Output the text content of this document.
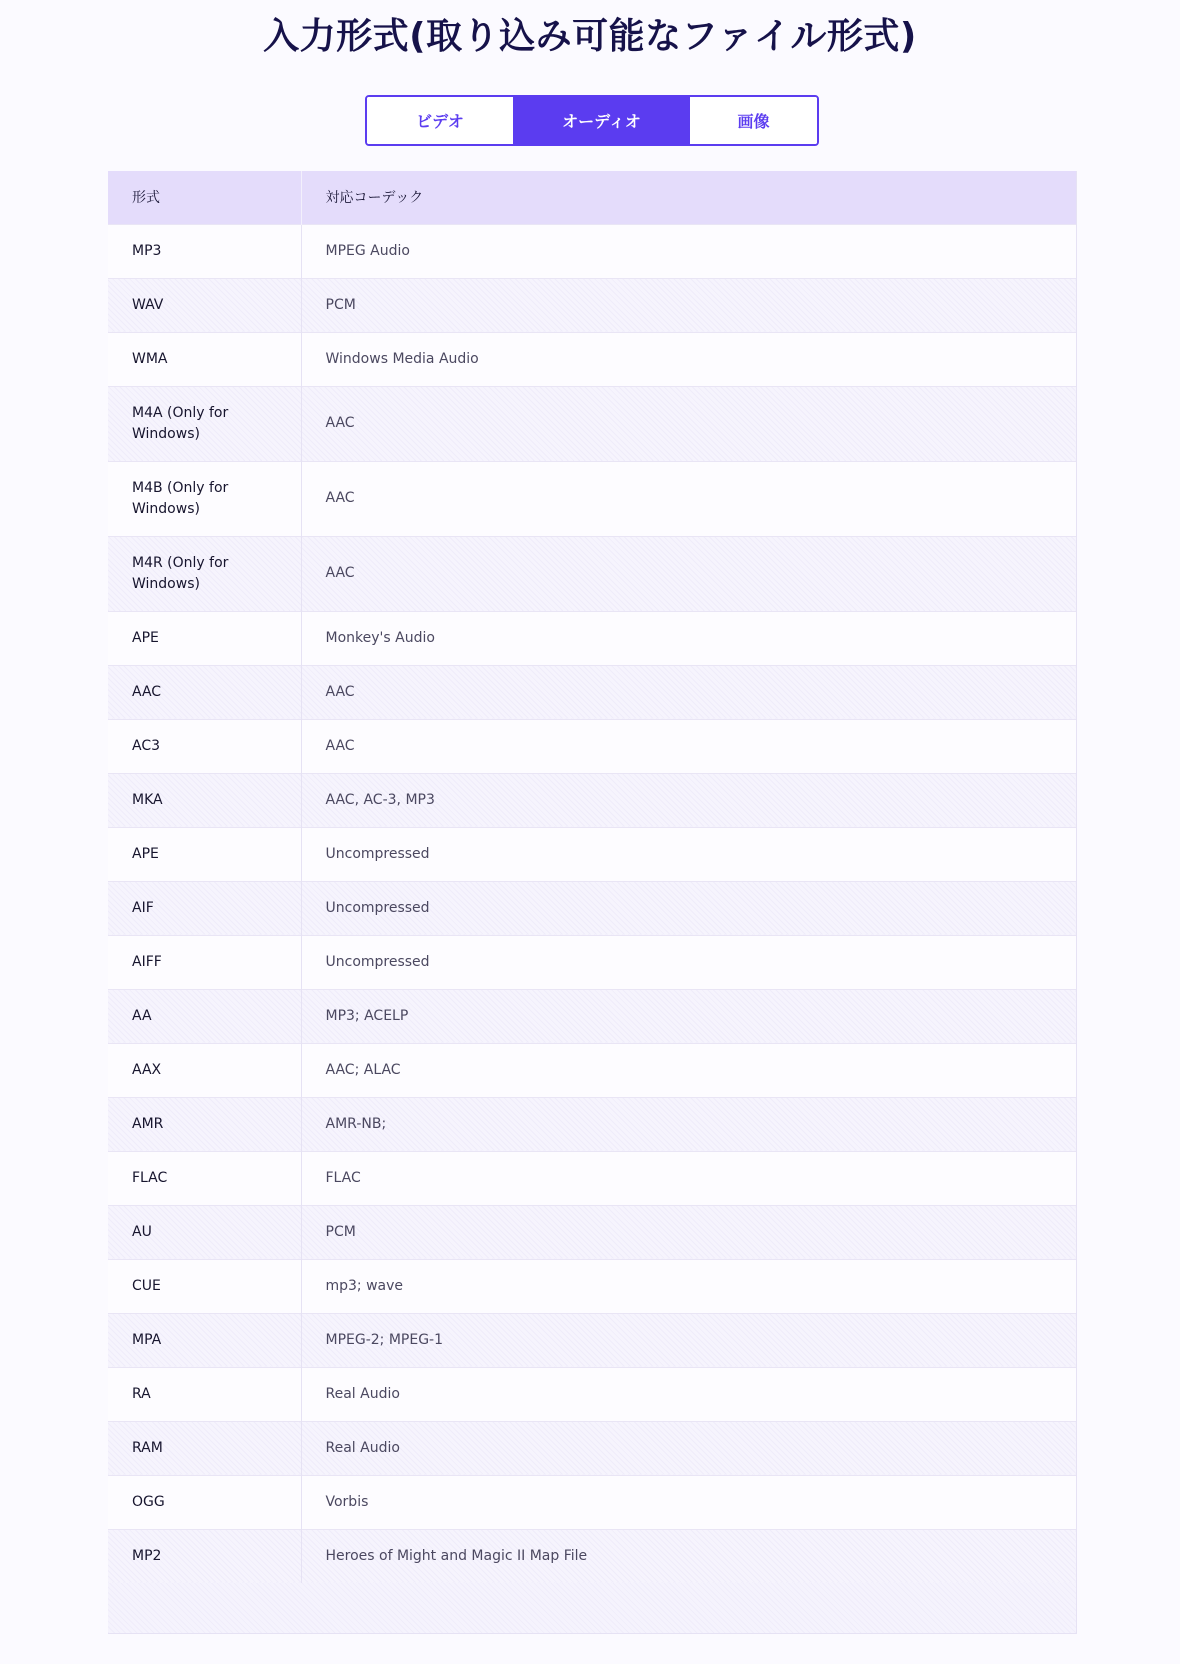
入力形式(取り込み可能なファイル形式)
ビデオ	オーディオ	画像
形式	対応コーデック
MP3	MPEG Audio
WAV	PCM
WMA	Windows Media Audio
M4A (Only for Windows)	AAC
M4B (Only for Windows)	AAC
M4R (Only for Windows)	AAC
APE	Monkey's Audio
AAC	AAC
AC3	AAC
MKA	AAC, AC-3, MP3
APE	Uncompressed
AIF	Uncompressed
AIFF	Uncompressed
AA	MP3; ACELP
AAX	AAC; ALAC
AMR	AMR-NB;
FLAC	FLAC
AU	PCM
CUE	mp3; wave
MPA	MPEG-2; MPEG-1
RA	Real Audio
RAM	Real Audio
OGG	Vorbis
MP2	Heroes of Might and Magic II Map File
